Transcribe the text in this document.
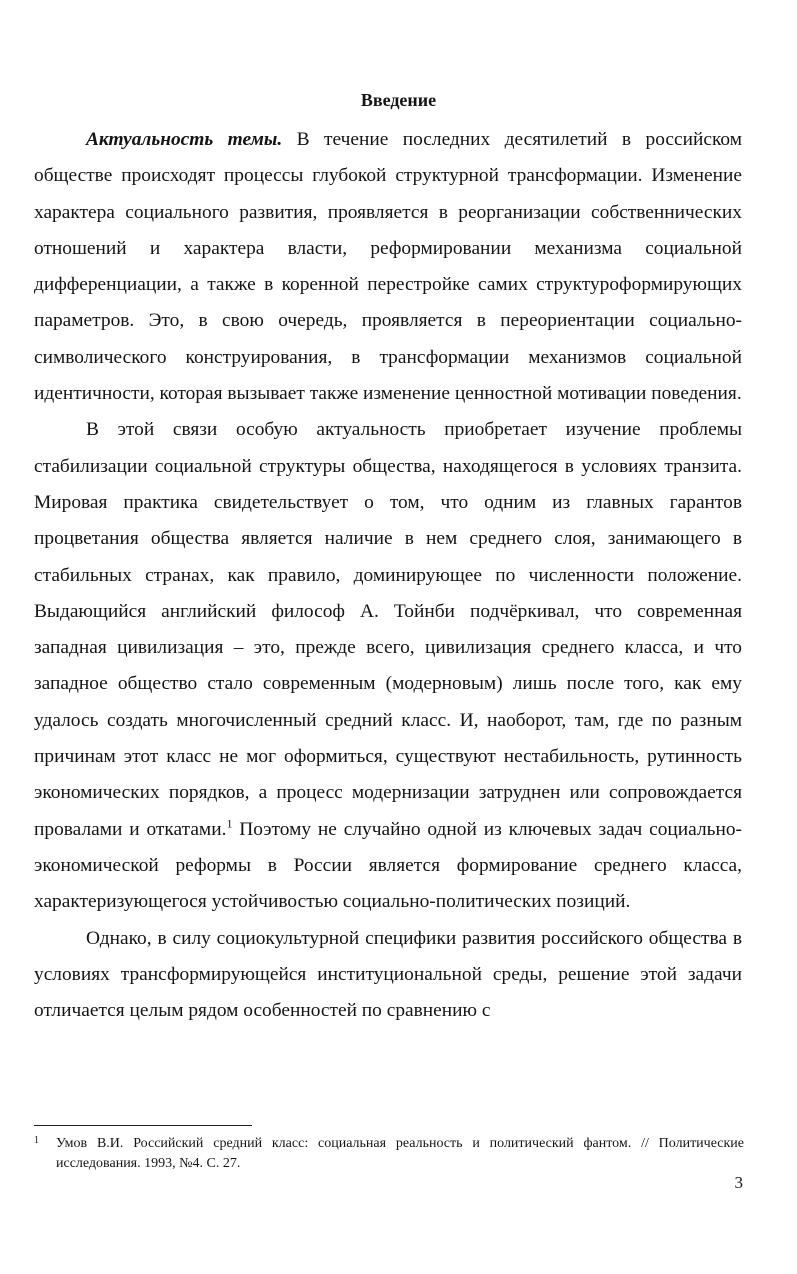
Введение

Актуальность темы. В течение последних десятилетий в российском обществе происходят процессы глубокой структурной трансформации. Изменение характера социального развития, проявляется в реорганизации собственнических отношений и характера власти, реформировании механизма социальной дифференциации, а также в коренной перестройке самих структуроформирующих параметров. Это, в свою очередь, проявляется в переориентации социально-символического конструирования, в трансформации механизмов социальной идентичности, которая вызывает также изменение ценностной мотивации поведения.

В этой связи особую актуальность приобретает изучение проблемы стабилизации социальной структуры общества, находящегося в условиях транзита. Мировая практика свидетельствует о том, что одним из главных гарантов процветания общества является наличие в нем среднего слоя, занимающего в стабильных странах, как правило, доминирующее по численности положение. Выдающийся английский философ А. Тойнби подчёркивал, что современная западная цивилизация – это, прежде всего, цивилизация среднего класса, и что западное общество стало современным (модерновым) лишь после того, как ему удалось создать многочисленный средний класс. И, наоборот, там, где по разным причинам этот класс не мог оформиться, существуют нестабильность, рутинность экономических порядков, а процесс модернизации затруднен или сопровождается провалами и откатами.$^1$ Поэтому не случайно одной из ключевых задач социально-экономической реформы в России является формирование среднего класса, характеризующегося устойчивостью социально-политических позиций.

Однако, в силу социокультурной специфики развития российского общества в условиях трансформирующейся институциональной среды, решение этой задачи отличается целым рядом особенностей по сравнению с

1 Умов В.И. Российский средний класс: социальная реальность и политический фантом. // Политические исследования. 1993, №4. С. 27.
3
